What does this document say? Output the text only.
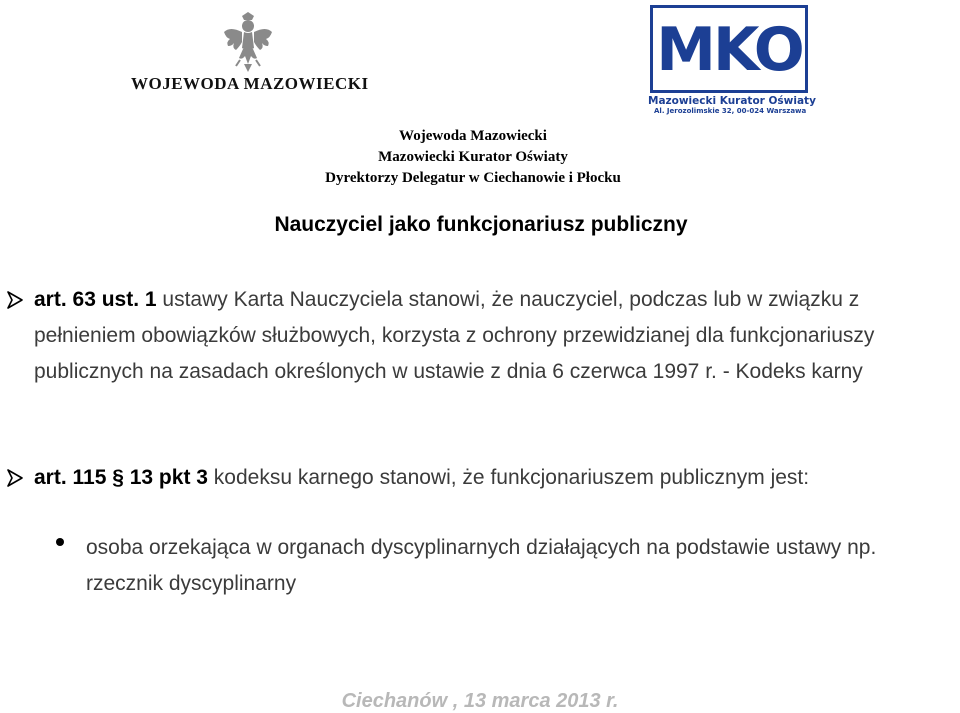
WOJEWODA MAZOWIECKI	MKO
Mazowiecki Kurator Oświaty
Al. Jerozolimskie 32, 00-024 Warszawa
Wojewoda Mazowiecki
Mazowiecki Kurator Oświaty
Dyrektorzy Delegatur w Ciechanowie i Płocku
Nauczyciel jako funkcjonariusz publiczny
art. 63 ust. 1 ustawy Karta Nauczyciela stanowi, że nauczyciel, podczas lub w związku z pełnieniem obowiązków służbowych, korzysta z ochrony przewidzianej dla funkcjonariuszy publicznych na zasadach określonych w ustawie z dnia 6 czerwca 1997 r. - Kodeks karny
art. 115 § 13 pkt 3 kodeksu karnego stanowi, że funkcjonariuszem publicznym jest:
osoba orzekająca w organach dyscyplinarnych działających na podstawie ustawy np. rzecznik dyscyplinarny
Ciechanów , 13 marca 2013 r.
